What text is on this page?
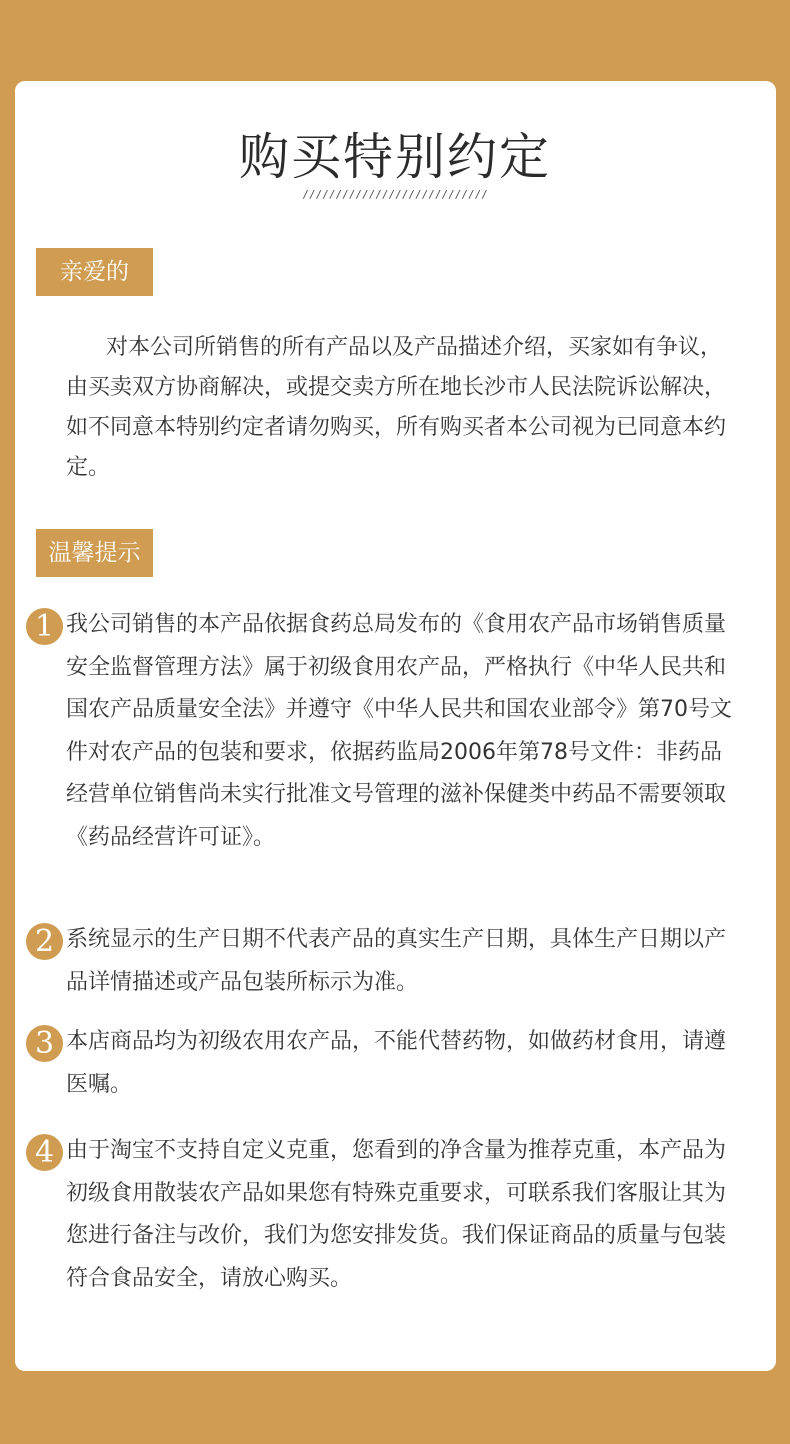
购买特别约定
////////////////////////////
亲爱的

对本公司所销售的所有产品以及产品描述介绍，买家如有争议，由买卖双方协商解决，或提交卖方所在地长沙市人民法院诉讼解决，如不同意本特别约定者请勿购买，所有购买者本公司视为已同意本约定。

温馨提示
1 我公司销售的本产品依据食药总局发布的《食用农产品市场销售质量安全监督管理方法》属于初级食用农产品，严格执行《中华人民共和国农产品质量安全法》并遵守《中华人民共和国农业部令》第70号文件对农产品的包装和要求，依据药监局2006年第78号文件：非药品经营单位销售尚未实行批准文号管理的滋补保健类中药品不需要领取《药品经营许可证》。

2 系统显示的生产日期不代表产品的真实生产日期，具体生产日期以产品详情描述或产品包装所标示为准。

3 本店商品均为初级农用农产品，不能代替药物，如做药材食用，请遵医嘱。

4 由于淘宝不支持自定义克重，您看到的净含量为推荐克重，本产品为初级食用散装农产品如果您有特殊克重要求，可联系我们客服让其为您进行备注与改价，我们为您安排发货。我们保证商品的质量与包装符合食品安全，请放心购买。
